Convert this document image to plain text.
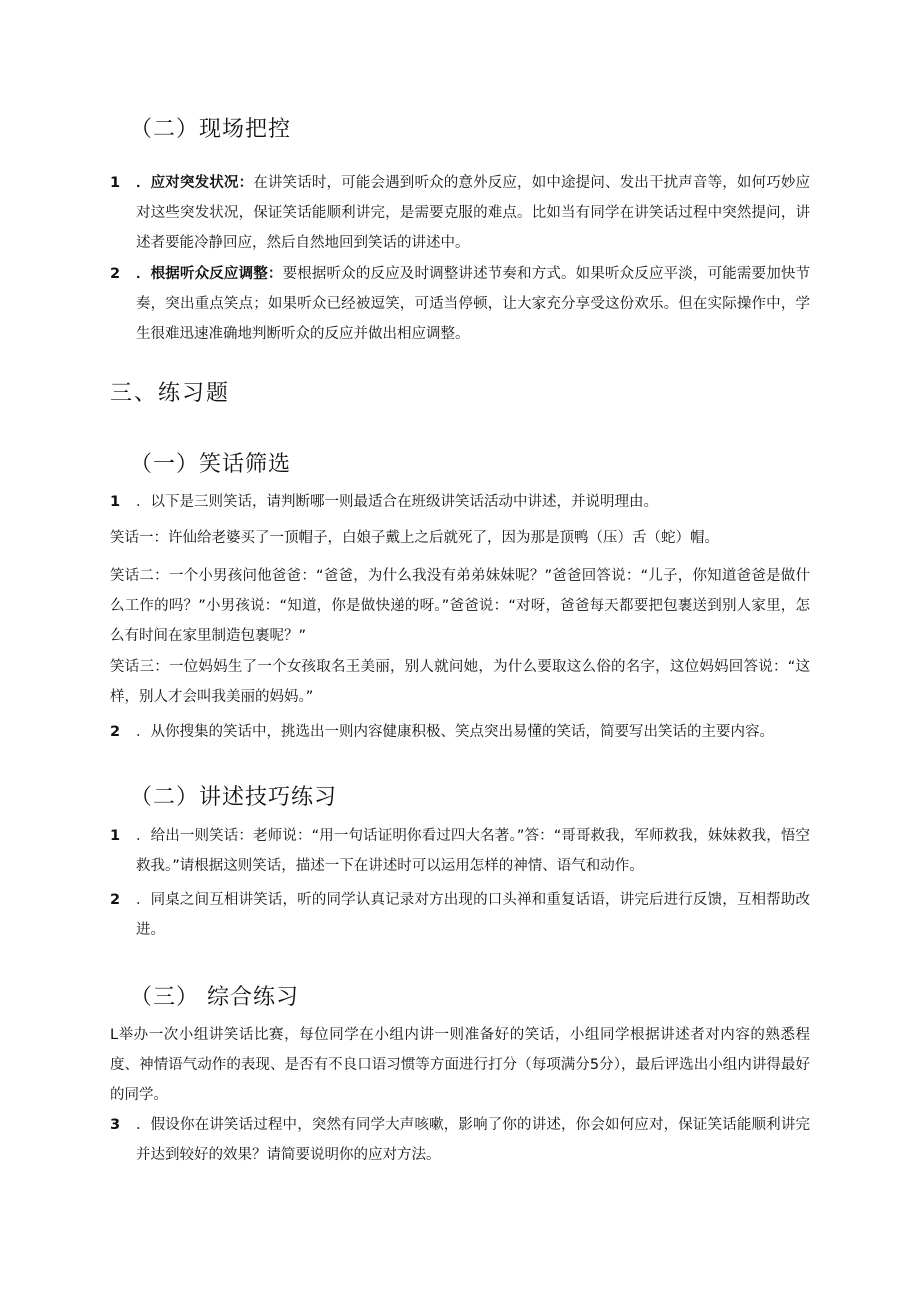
（二）现场把控
1	．应对突发状况：在讲笑话时，可能会遇到听众的意外反应，如中途提问、发出干扰声音等，如何巧妙应对这些突发状况，保证笑话能顺利讲完，是需要克服的难点。比如当有同学在讲笑话过程中突然提问，讲述者要能冷静回应，然后自然地回到笑话的讲述中。
2	．根据听众反应调整：要根据听众的反应及时调整讲述节奏和方式。如果听众反应平淡，可能需要加快节奏，突出重点笑点；如果听众已经被逗笑，可适当停顿，让大家充分享受这份欢乐。但在实际操作中，学生很难迅速准确地判断听众的反应并做出相应调整。
三、练习题
（一）笑话筛选
1	．以下是三则笑话，请判断哪一则最适合在班级讲笑话活动中讲述，并说明理由。
笑话一：许仙给老婆买了一顶帽子，白娘子戴上之后就死了，因为那是顶鸭（压）舌（蛇）帽。
笑话二：一个小男孩问他爸爸：“爸爸，为什么我没有弟弟妹妹呢？”爸爸回答说：“儿子，你知道爸爸是做什么工作的吗？”小男孩说：“知道，你是做快递的呀。”爸爸说：“对呀，爸爸每天都要把包裹送到别人家里，怎么有时间在家里制造包裹呢？”
笑话三：一位妈妈生了一个女孩取名王美丽，别人就问她，为什么要取这么俗的名字，这位妈妈回答说：“这样，别人才会叫我美丽的妈妈。”
2	．从你搜集的笑话中，挑选出一则内容健康积极、笑点突出易懂的笑话，简要写出笑话的主要内容。
（二）讲述技巧练习
1	．给出一则笑话：老师说：“用一句话证明你看过四大名著。”答：“哥哥救我，军师救我，妹妹救我，悟空救我。”请根据这则笑话，描述一下在讲述时可以运用怎样的神情、语气和动作。
2	．同桌之间互相讲笑话，听的同学认真记录对方出现的口头禅和重复话语，讲完后进行反馈，互相帮助改进。
（三） 综合练习
L举办一次小组讲笑话比赛，每位同学在小组内讲一则准备好的笑话，小组同学根据讲述者对内容的熟悉程度、神情语气动作的表现、是否有不良口语习惯等方面进行打分（每项满分5分），最后评选出小组内讲得最好的同学。
3	．假设你在讲笑话过程中，突然有同学大声咳嗽，影响了你的讲述，你会如何应对，保证笑话能顺利讲完并达到较好的效果？请简要说明你的应对方法。
